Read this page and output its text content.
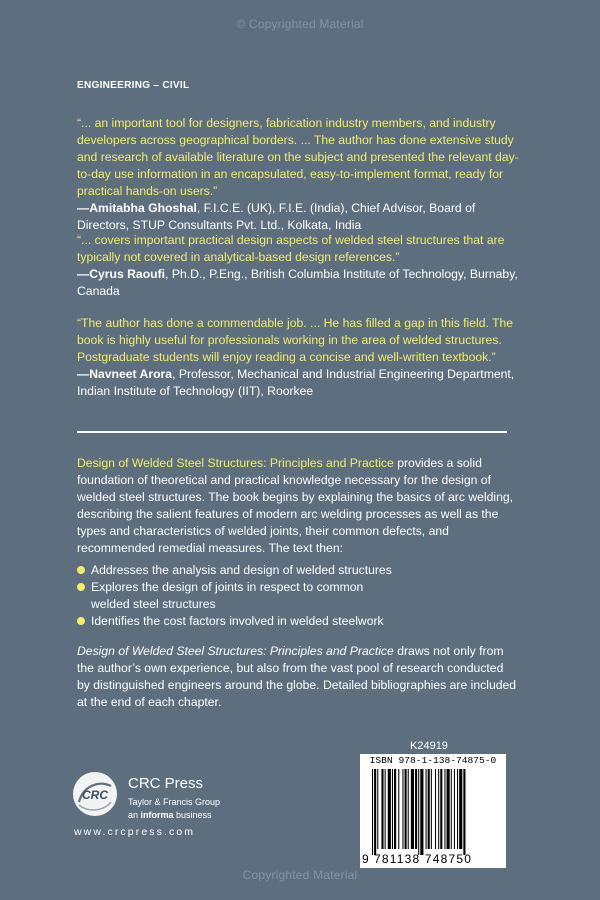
© Copyrighted Material
ENGINEERING – CIVIL
“... an important tool for designers, fabrication industry members, and industry developers across geographical borders. ... The author has done extensive study and research of available literature on the subject and presented the relevant day-to-day use information in an encapsulated, easy-to-implement format, ready for practical hands-on users.”
—Amitabha Ghoshal, F.I.C.E. (UK), F.I.E. (India), Chief Advisor, Board of Directors, STUP Consultants Pvt. Ltd., Kolkata, India
“... covers important practical design aspects of welded steel structures that are typically not covered in analytical-based design references.”
—Cyrus Raoufi, Ph.D., P.Eng., British Columbia Institute of Technology, Burnaby, Canada
“The author has done a commendable job. ... He has filled a gap in this field. The book is highly useful for professionals working in the area of welded structures. Postgraduate students will enjoy reading a concise and well-written textbook.”
—Navneet Arora, Professor, Mechanical and Industrial Engineering Department, Indian Institute of Technology (IIT), Roorkee
Design of Welded Steel Structures: Principles and Practice provides a solid foundation of theoretical and practical knowledge necessary for the design of welded steel structures. The book begins by explaining the basics of arc welding, describing the salient features of modern arc welding processes as well as the types and characteristics of welded joints, their common defects, and recommended remedial measures. The text then:
Addresses the analysis and design of welded structures
Explores the design of joints in respect to common welded steel structures
Identifies the cost factors involved in welded steelwork
Design of Welded Steel Structures: Principles and Practice draws not only from the author’s own experience, but also from the vast pool of research conducted by distinguished engineers around the globe. Detailed bibliographies are included at the end of each chapter.
CRC
CRC Press
Taylor & Francis Group
an informa business
www.crcpress.com
K24919
ISBN 978-1-138-74875-0
9 781138 748750
Copyrighted Material
